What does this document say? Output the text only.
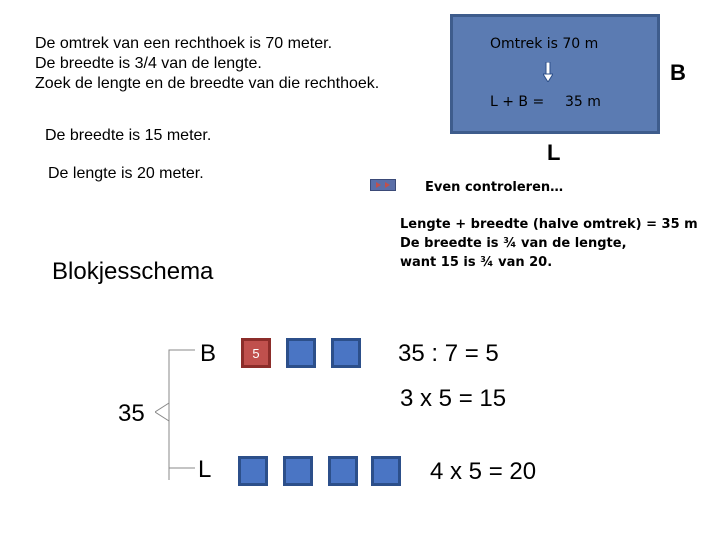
De omtrek van een rechthoek is 70 meter.
De breedte is 3/4 van de lengte.
Zoek de lengte en de breedte van die rechthoek.
De breedte is 15 meter.
De lengte is 20 meter.
Omtrek is 70 m
L + B = 35 m
B
L
Even controleren…
Lengte + breedte (halve omtrek) = 35 m
De breedte is ¾ van de lengte,
want 15 is ¾ van 20.
Blokjesschema
35
B
L
5	35 : 7 = 5
3 x 5 = 15
4 x 5 = 20
